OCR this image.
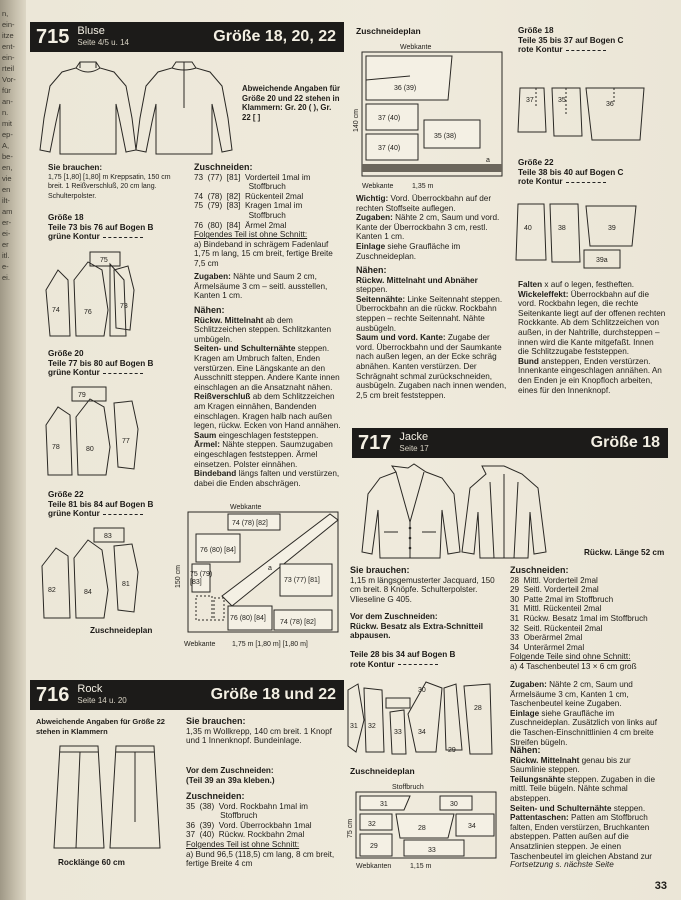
n,
ein-
itze
ent-
ein-
rteil
Vor-
für
an-
n.
mit
ep-
A,
be-
en,
vie
en
ilt-
am
er-
ei-
er
itl.
e-
ei.
715 Bluse
Seite 4/5 u. 14	Größe 18, 20, 22
Abweichende Angaben für Größe 20 und 22 stehen in Klammern: Gr. 20 ( ), Gr. 22 [ ]
Sie brauchen:
1,75 [1,80] [1,80] m Kreppsatin, 150 cm breit. 1 Reißverschluß, 20 cm lang. Schulterpolster.
Größe 18
Teile 73 bis 76 auf Bogen B

grüne Kontur
74	76
75
73
Größe 20
Teile 77 bis 80 auf Bogen B

grüne Kontur
78	80
79
77
Größe 22
Teile 81 bis 84 auf Bogen B

grüne Kontur
82	84
83
81
Zuschneideplan
Zuschneiden:
73  (77)  [81]  Vorderteil 1mal im
Stoffbruch
74  (78)  [82]  Rückenteil 2mal
75  (79)  [83]  Kragen 1mal im
Stoffbruch
76  (80)  [84]  Ärmel 2mal
Folgendes Teil ist ohne Schnitt:
a) Bindeband in schrägem Fadenlauf 1,75 m lang, 15 cm breit, fertige Breite 7,5 cm
Zugaben: Nähte und Saum 2 cm, Ärmelsäume 3 cm – seitl. ausstellen, Kanten 1 cm.
Nähen:
Rückw. Mittelnaht ab dem Schlitzzeichen steppen. Schlitzkanten umbügeln.
Seiten- und Schulternähte steppen. Kragen am Umbruch falten, Enden verstürzen. Eine Längskante an den Ausschnitt steppen. Andere Kante innen einschlagen an die Ansatznaht nähen.
Reißverschluß ab dem Schlitzzeichen am Kragen einnähen, Bandenden einschlagen. Kragen halb nach außen legen, rückw. Ecken von Hand annähen.
Saum eingeschlagen feststeppen.
Ärmel: Nähte steppen. Saumzugaben eingeschlagen feststeppen. Ärmel einsetzen. Polster einnähen.
Bindeband längs falten und verstürzen, dabei die Enden abschrägen.
Webkante
74 (78) [82]
76 (80) [84]
75 (79)
[83]
a
73 (77) [81]
76 (80) [84]
74 (78) [82]
Webkante 1,75 m [1,80 m] [1,80 m]
150 cm
716 Rock
Seite 14 u. 20	Größe 18 und 22
Abweichende Angaben für Größe 22 stehen in Klammern
Rocklänge 60 cm
Sie brauchen:
1,35 m Wollkrepp, 140 cm breit. 1 Knopf und 1 Innenknopf. Bundeinlage.
Vor dem Zuschneiden:
(Teil 39 an 39a kleben.)
Zuschneiden:
35  (38)  Vord. Rockbahn 1mal im
Stoffbruch
36  (39)  Vord. Überrockbahn 1mal
37  (40)  Rückw. Rockbahn 2mal
Folgendes Teil ist ohne Schnitt:
a) Bund 96,5 (118,5) cm lang, 8 cm breit, fertige Breite 4 cm
Zuschneideplan
Webkante
36 (39)
37 (40)
37 (40)
35 (38)
a
Webkante	1,35 m
140 cm
Wichtig: Vord. Überrockbahn auf der rechten Stoffseite auflegen.
Zugaben: Nähte 2 cm, Saum und vord. Kante der Überrockbahn 3 cm, restl. Kanten 1 cm.
Einlage siehe Graufläche im Zuschneideplan.
Nähen:
Rückw. Mittelnaht und Abnäher steppen.
Seitennähte: Linke Seitennaht steppen. Überrockbahn an die rückw. Rockbahn steppen – rechte Seitennaht. Nähte ausbügeln.
Saum und vord. Kante: Zugabe der vord. Überrockbahn und der Saumkante nach außen legen, an der Ecke schräg abnähen. Kanten verstürzen. Der Schrägnaht schmal zurückschneiden, ausbügeln. Zugaben nach innen wenden, 2,5 cm breit feststeppen.
Größe 18
Teile 35 bis 37 auf Bogen C

rote Kontur
37	35
36
Größe 22
Teile 38 bis 40 auf Bogen C

rote Kontur
40	38	39
39a
Falten x auf o legen, festheften.
Wickeleffekt: Überrockbahn auf die vord. Rockbahn legen, die rechte Seitenkante liegt auf der offenen rechten Rockkante. Ab dem Schlitzzeichen von außen, in der Nahtrille, durchsteppen – innen wird die Kante mitgefaßt. Innen die Schlitzzugabe feststeppen.
Bund ansteppen, Enden verstürzen. Innenkante eingeschlagen annähen. An den Enden je ein Knopfloch arbeiten, eines für den Innenknopf.
717 Jacke
Seite 17	Größe 18
Rückw. Länge 52 cm
Sie brauchen:
1,15 m längsgemusterter Jacquard, 150 cm breit. 8 Knöpfe. Schulterpolster. Vlieseline G 405.
Vor dem Zuschneiden:
Rückw. Besatz als Extra-Schnitteil abpausen.
Teile 28 bis 34 auf Bogen B

rote Kontur
30
31 32
33 34
29
28
Zuschneideplan
Stoffbruch
31
32
28
30
33
29
34
Webkanten	1,15 m
75 cm
Zuschneiden:
28  Mittl. Vorderteil 2mal
29  Seitl. Vorderteil 2mal
30  Patte 2mal im Stoffbruch
31  Mittl. Rückenteil 2mal
31  Rückw. Besatz 1mal im Stoffbruch
32  Seitl. Rückenteil 2mal
33  Oberärmel 2mal
34  Unterärmel 2mal
Folgende Teile sind ohne Schnitt:
a) 4 Taschenbeutel 13 × 6 cm groß
Zugaben: Nähte 2 cm, Saum und Ärmelsäume 3 cm, Kanten 1 cm, Taschenbeutel keine Zugaben.
Einlage siehe Graufläche im Zuschneideplan. Zusätzlich von links auf die Taschen-Einschnittlinien 4 cm breite Streifen bügeln.
Nähen:
Rückw. Mittelnaht genau bis zur Saumlinie steppen.
Teilungsnähte steppen. Zugaben in die mittl. Teile bügeln. Nähte schmal absteppen.
Seiten- und Schulternähte steppen.
Pattentaschen: Patten am Stoffbruch falten, Enden verstürzen, Bruchkanten absteppen. Patten außen auf die Ansatzlinien steppen. Je einen Taschenbeutel im gleichen Abstand zur
Fortsetzung s. nächste Seite
33
